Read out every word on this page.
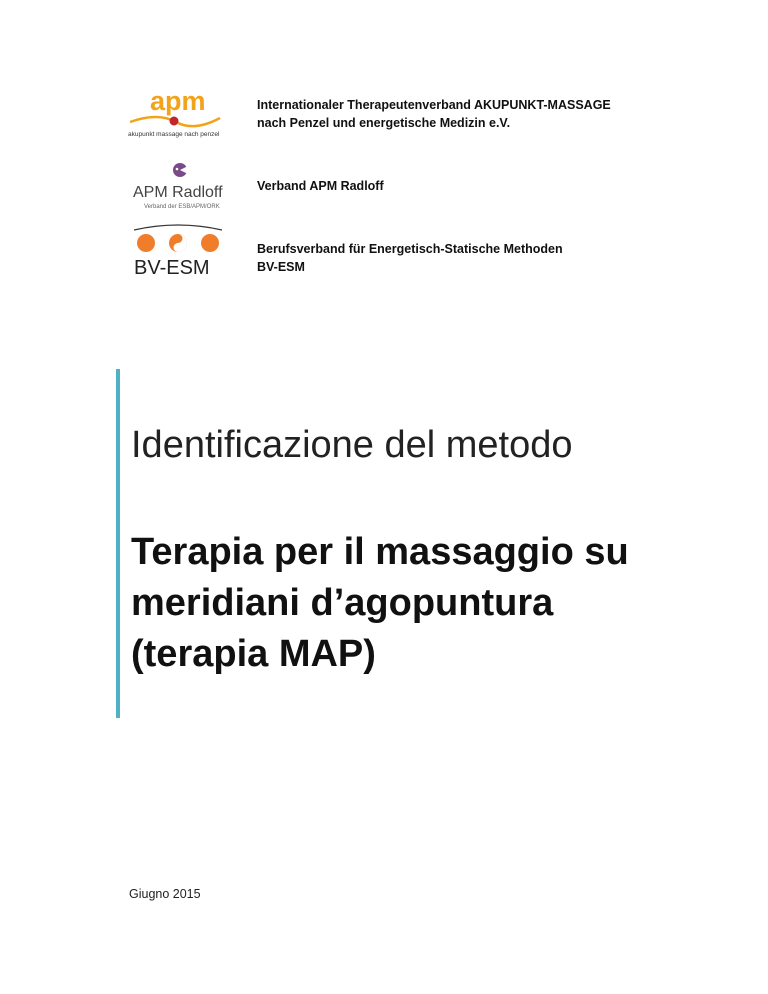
apm
akupunkt massage nach penzel
Internationaler Therapeutenverband AKUPUNKT-MASSAGE
nach Penzel und energetische Medizin e.V.
APM Radloff
Verband der ESB/APM/ORK
Verband APM Radloff
BV-ESM
Berufsverband für Energetisch-Statische Methoden
BV-ESM
Identificazione del metodo
Terapia per il massaggio su
meridiani d’agopuntura
(terapia MAP)
Giugno 2015
